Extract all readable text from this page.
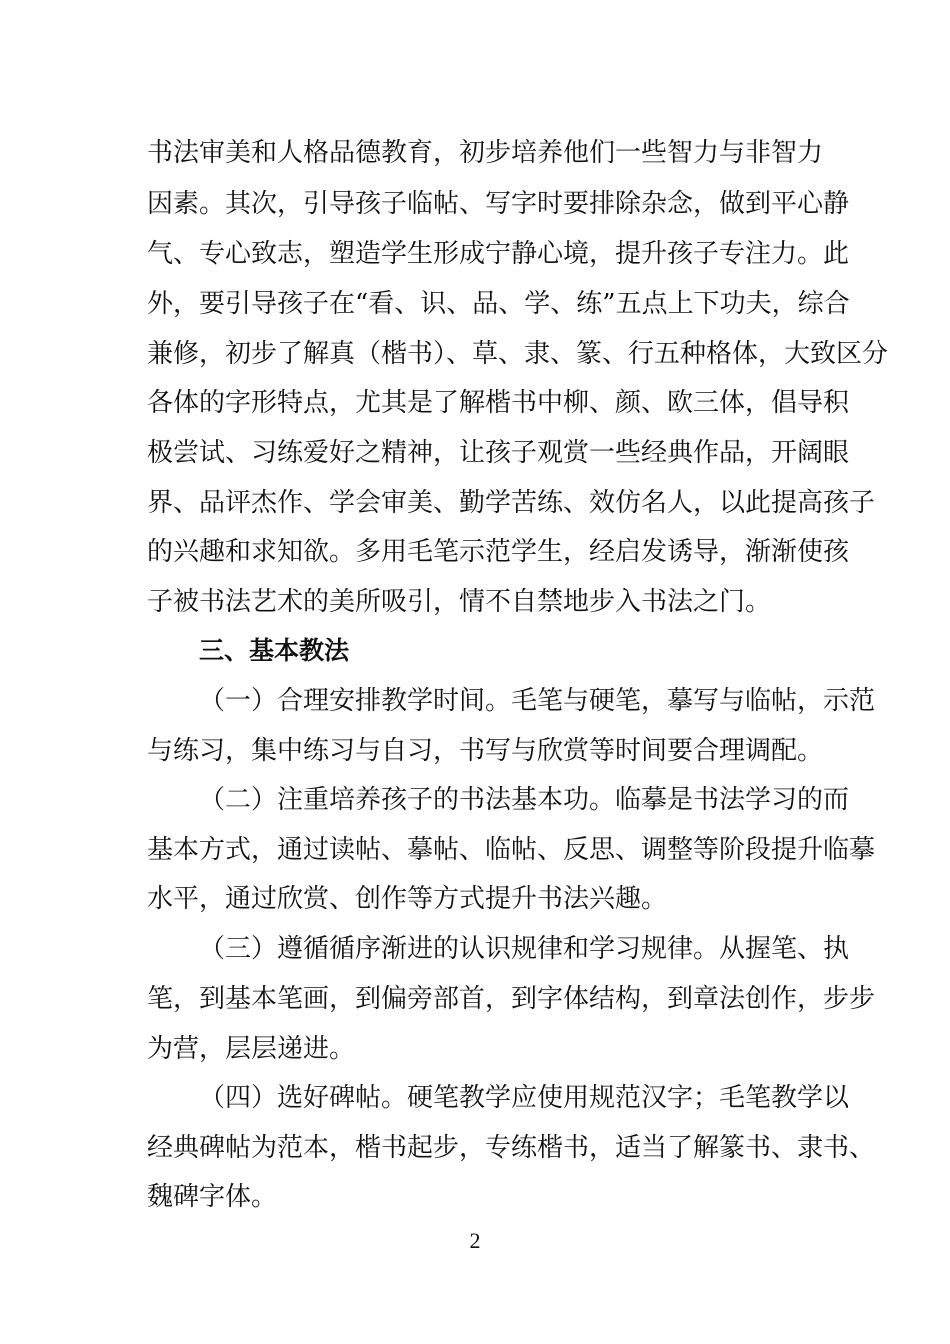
书法审美和人格品德教育，初步培养他们一些智力与非智力
因素。其次，引导孩子临帖、写字时要排除杂念，做到平心静
气、专心致志，塑造学生形成宁静心境，提升孩子专注力。此
外，要引导孩子在“看、识、品、学、练”五点上下功夫，综合
兼修，初步了解真（楷书）、草、隶、篆、行五种格体，大致区分
各体的字形特点，尤其是了解楷书中柳、颜、欧三体，倡导积
极尝试、习练爱好之精神，让孩子观赏一些经典作品，开阔眼
界、品评杰作、学会审美、勤学苦练、效仿名人，以此提高孩子
的兴趣和求知欲。多用毛笔示范学生，经启发诱导，渐渐使孩
子被书法艺术的美所吸引，情不自禁地步入书法之门。
三、基本教法
（一）合理安排教学时间。毛笔与硬笔，摹写与临帖，示范
与练习，集中练习与自习，书写与欣赏等时间要合理调配。
（二）注重培养孩子的书法基本功。临摹是书法学习的而
基本方式，通过读帖、摹帖、临帖、反思、调整等阶段提升临摹
水平，通过欣赏、创作等方式提升书法兴趣。
（三）遵循循序渐进的认识规律和学习规律。从握笔、执
笔，到基本笔画，到偏旁部首，到字体结构，到章法创作，步步
为营，层层递进。
（四）选好碑帖。硬笔教学应使用规范汉字；毛笔教学以
经典碑帖为范本，楷书起步，专练楷书，适当了解篆书、隶书、
魏碑字体。
2
